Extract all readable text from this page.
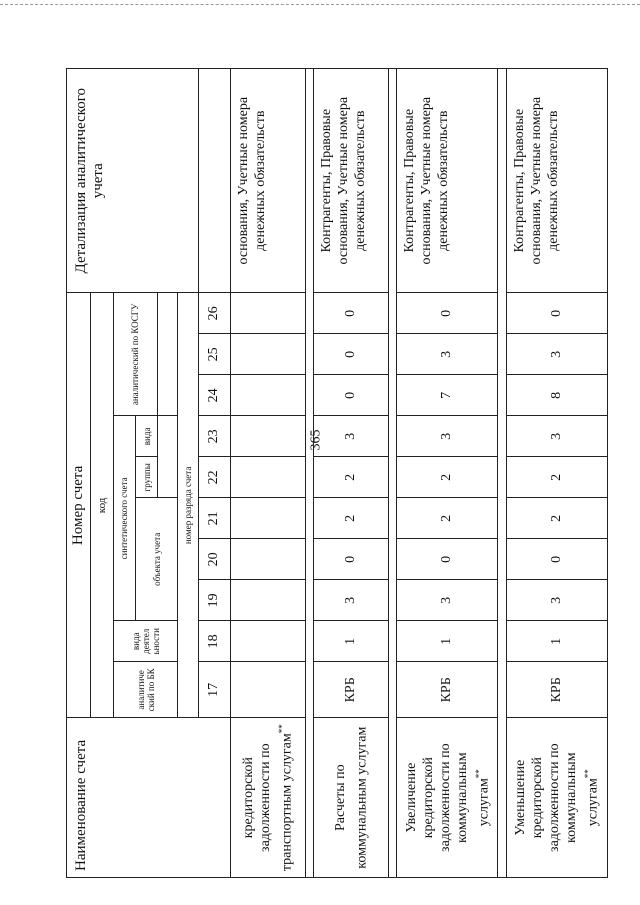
365
Наименование счета	Номер счета										Детализация аналитического учета
	код										
	аналитиче ский по БК	вида деятел ьности	синтетического счета					аналитический по КОСГУ			
			объекта учета			группы	вида				

	номер разряда счета										
	17	18	19	20	21	22	23	24	25	26	
кредиторской задолженности по транспортным услугам**											основания, Учетные номера денежных обязательств

Расчеты по коммунальным услугам	КРБ	1	3	0	2	2	3	0	0	0	Контрагенты, Правовые основания, Учетные номера денежных обязательств

Увеличение кредиторской задолженности по коммунальным услугам**	КРБ	1	3	0	2	2	3	7	3	0	Контрагенты, Правовые основания, Учетные номера денежных обязательств

Уменьшение кредиторской задолженности по коммунальным услугам**	КРБ	1	3	0	2	2	3	8	3	0	Контрагенты, Правовые основания, Учетные номера денежных обязательств
